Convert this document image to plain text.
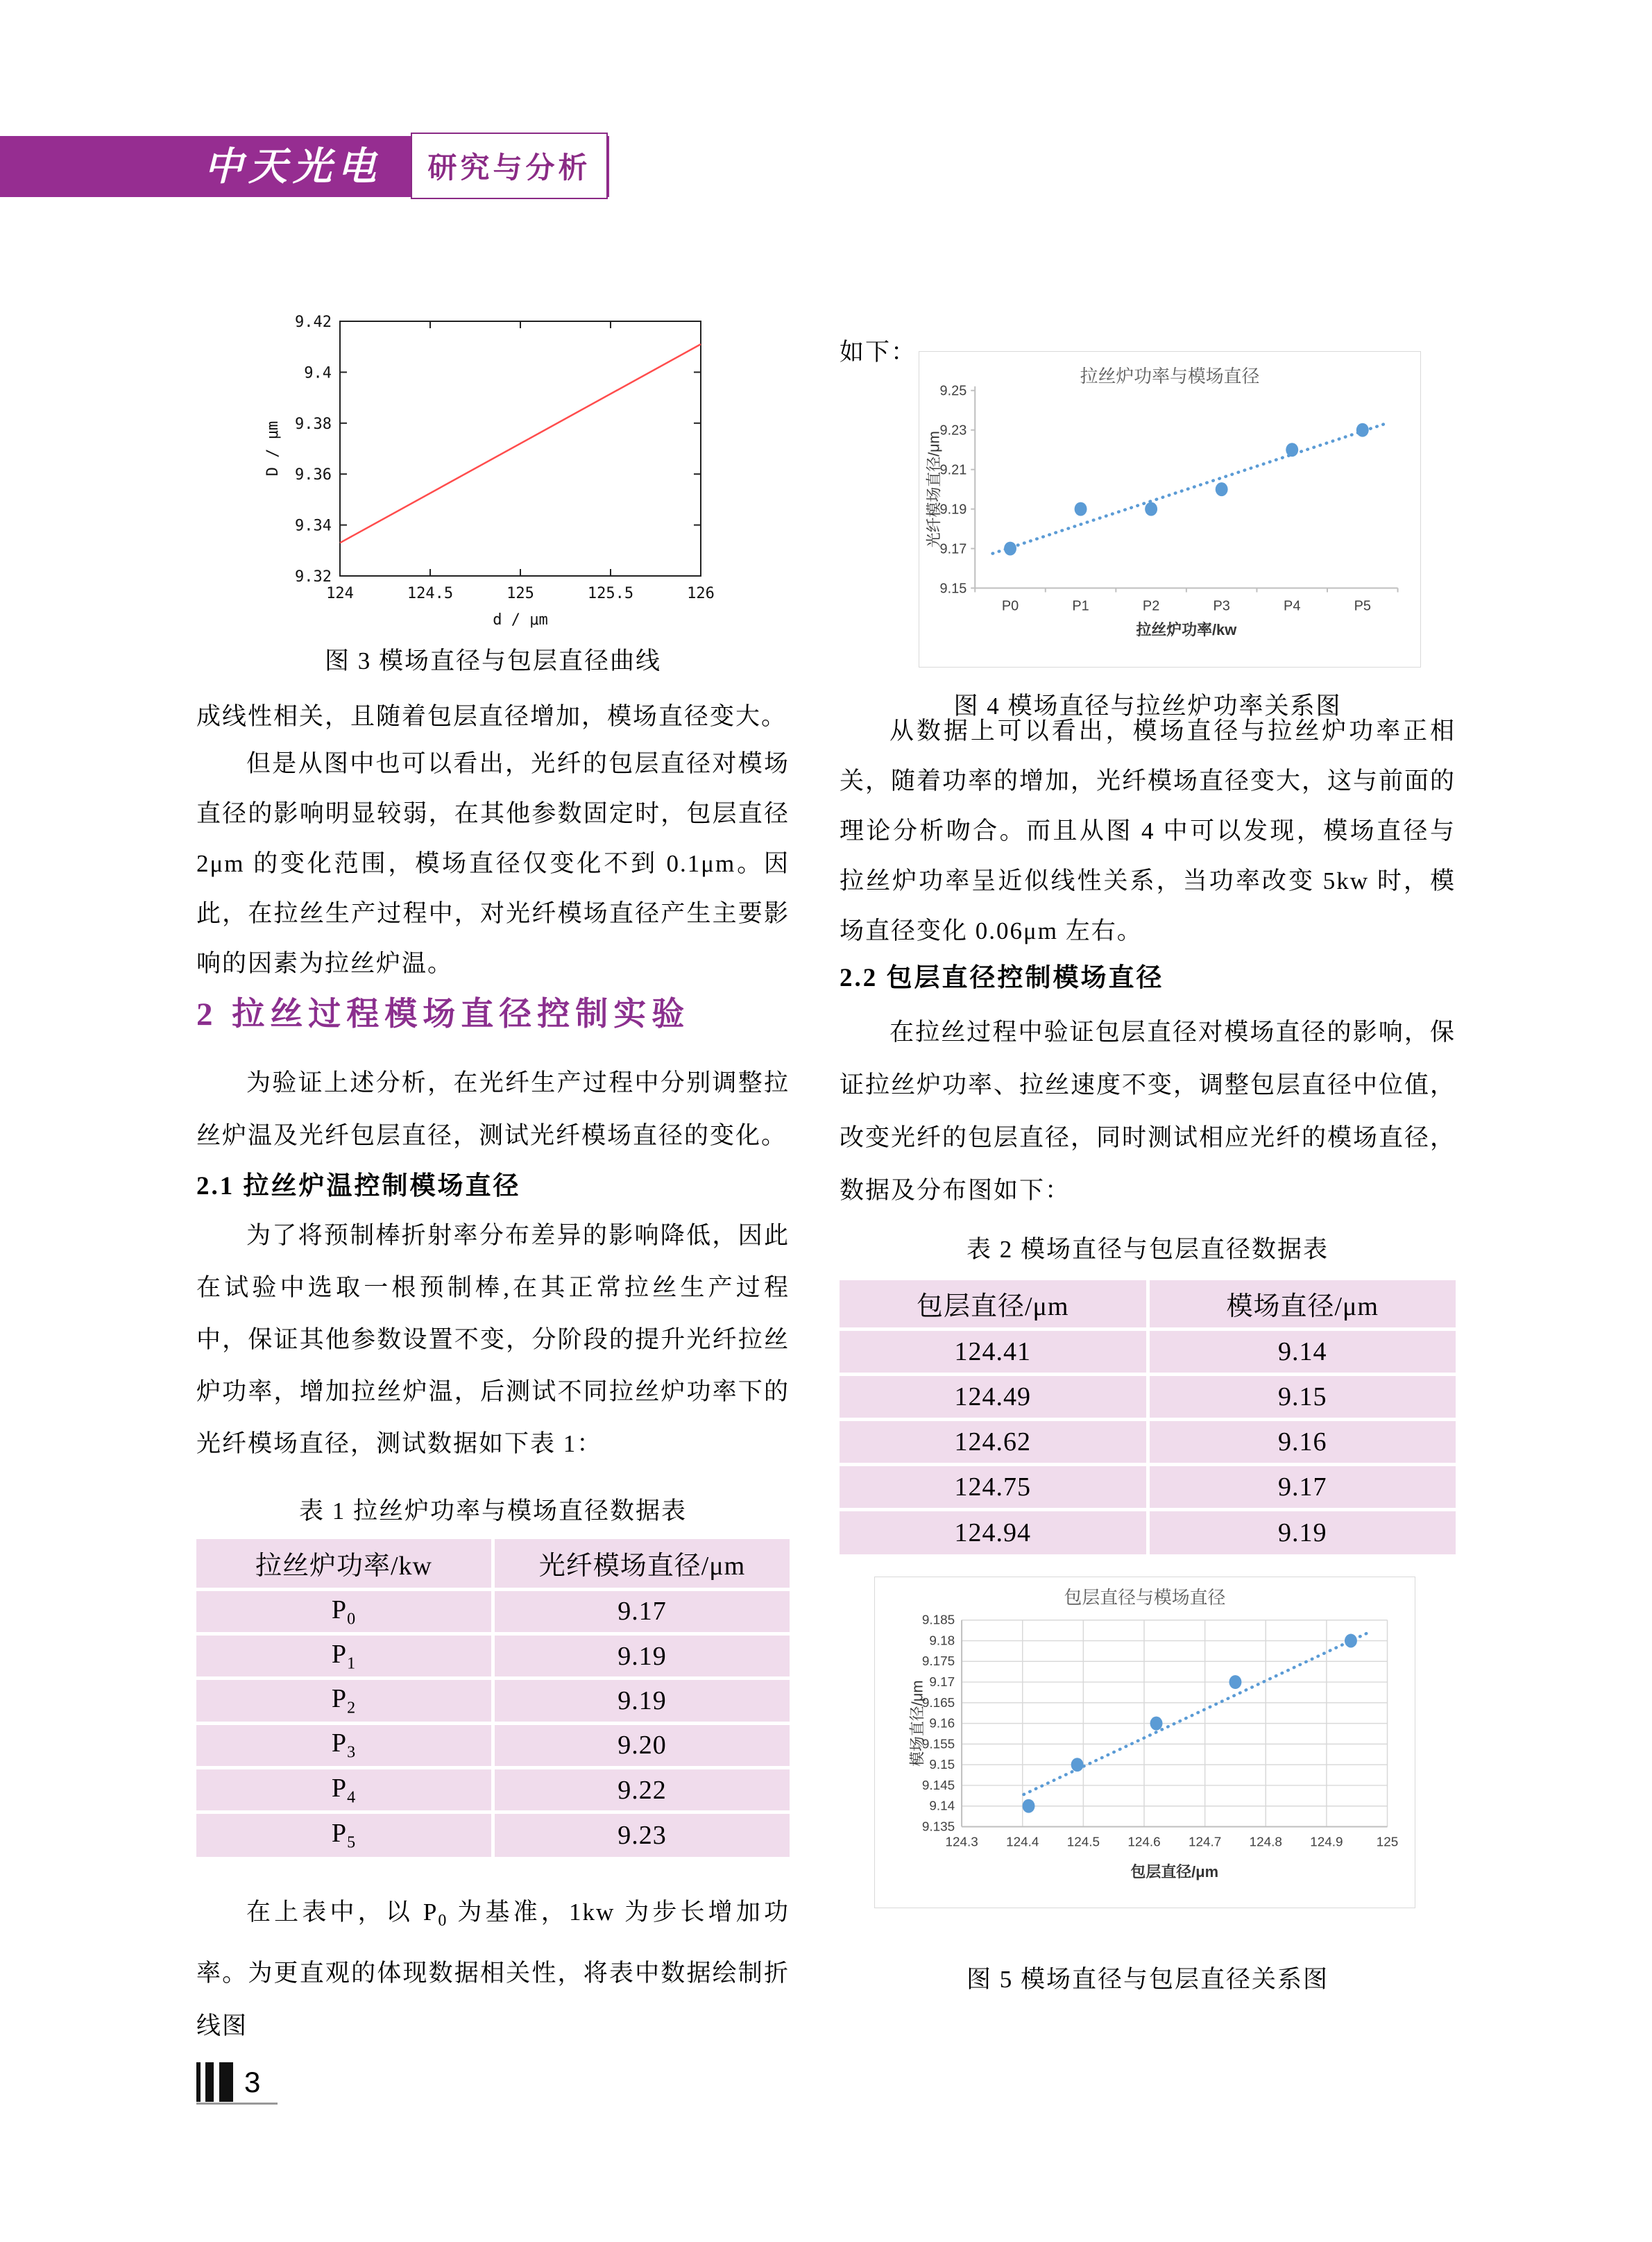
中天光电	研究与分析
124	124.5	125	125.5	126
9.32
9.34
9.36
9.38
9.4
9.42
d / μm
D / μm
图 3 模场直径与包层直径曲线
成线性相关，且随着包层直径增加，模场直径变大。
但是从图中也可以看出，光纤的包层直径对模场直径的影响明显较弱，在其他参数固定时，包层直径 2μm 的变化范围，模场直径仅变化不到 0.1μm。因此，在拉丝生产过程中，对光纤模场直径产生主要影响的因素为拉丝炉温。
2 拉丝过程模场直径控制实验
为验证上述分析，在光纤生产过程中分别调整拉丝炉温及光纤包层直径，测试光纤模场直径的变化。
2.1 拉丝炉温控制模场直径
为了将预制棒折射率分布差异的影响降低，因此在试验中选取一根预制棒,在其正常拉丝生产过程中，保证其他参数设置不变，分阶段的提升光纤拉丝炉功率，增加拉丝炉温，后测试不同拉丝炉功率下的光纤模场直径，测试数据如下表 1：
表 1 拉丝炉功率与模场直径数据表
拉丝炉功率/kw	光纤模场直径/μm
$P_0$	9.17
$P_1$	9.19
$P_2$	9.19
$P_3$	9.20
$P_4$	9.22
$P_5$	9.23
在上表中，以 $P_0$ 为基准，1kw 为步长增加功率。为更直观的体现数据相关性，将表中数据绘制折线图
如下：
拉丝炉功率与模场直径
9.15
9.17
9.19
9.21
9.23
9.25
P0	P1	P2	P3	P4	P5
拉丝炉功率/kw
光纤模场直径/μm
图 4 模场直径与拉丝炉功率关系图
从数据上可以看出，模场直径与拉丝炉功率正相关，随着功率的增加，光纤模场直径变大，这与前面的理论分析吻合。而且从图 4 中可以发现，模场直径与拉丝炉功率呈近似线性关系，当功率改变 5kw 时，模场直径变化 0.06μm 左右。
2.2 包层直径控制模场直径
在拉丝过程中验证包层直径对模场直径的影响，保证拉丝炉功率、拉丝速度不变，调整包层直径中位值，改变光纤的包层直径，同时测试相应光纤的模场直径，数据及分布图如下：
表 2 模场直径与包层直径数据表
包层直径/μm	模场直径/μm
124.41	9.14
124.49	9.15
124.62	9.16
124.75	9.17
124.94	9.19
包层直径与模场直径
9.135
9.14
9.145
9.15
9.155
9.16
9.165
9.17
9.175
9.18
9.185
124.3 124.4 124.5 124.6 124.7 124.8 124.9	125
包层直径/μm
模场直径/μm
图 5 模场直径与包层直径关系图
3
